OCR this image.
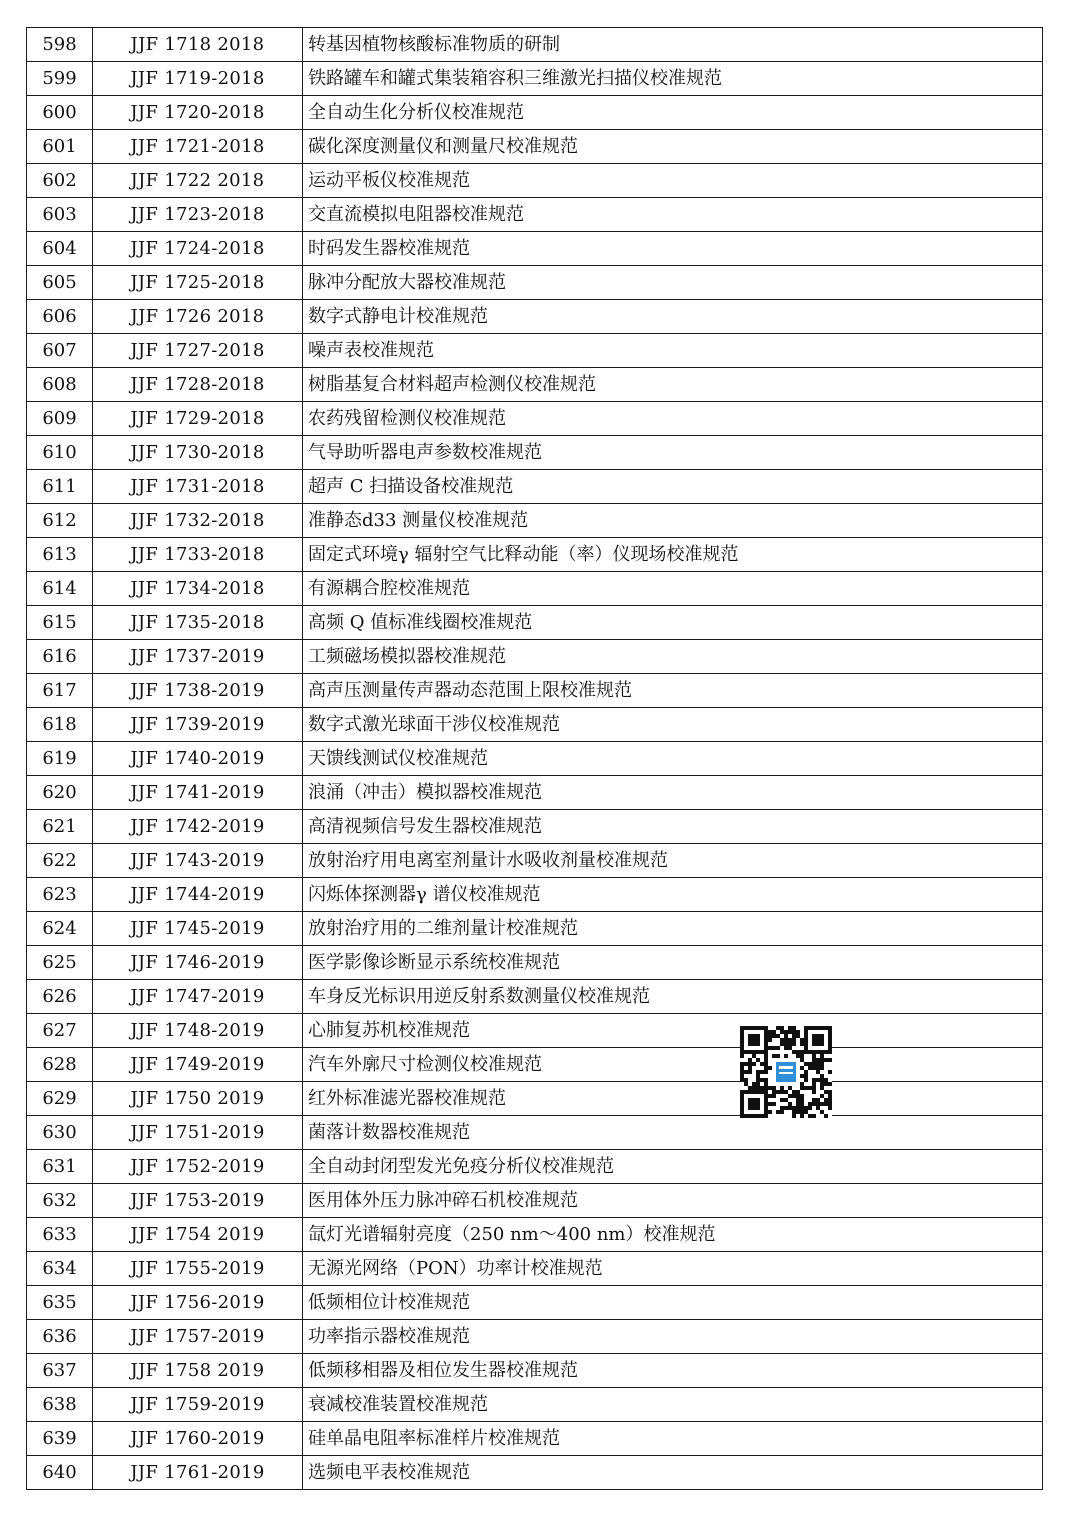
598	JJF 1718 2018	转基因植物核酸标准物质的研制
599	JJF 1719-2018	铁路罐车和罐式集装箱容积三维激光扫描仪校准规范
600	JJF 1720-2018	全自动生化分析仪校准规范
601	JJF 1721-2018	碳化深度测量仪和测量尺校准规范
602	JJF 1722 2018	运动平板仪校准规范
603	JJF 1723-2018	交直流模拟电阻器校准规范
604	JJF 1724-2018	时码发生器校准规范
605	JJF 1725-2018	脉冲分配放大器校准规范
606	JJF 1726 2018	数字式静电计校准规范
607	JJF 1727-2018	噪声表校准规范
608	JJF 1728-2018	树脂基复合材料超声检测仪校准规范
609	JJF 1729-2018	农药残留检测仪校准规范
610	JJF 1730-2018	气导助听器电声参数校准规范
611	JJF 1731-2018	超声 C 扫描设备校准规范
612	JJF 1732-2018	准静态d33 测量仪校准规范
613	JJF 1733-2018	固定式环境γ 辐射空气比释动能（率）仪现场校准规范
614	JJF 1734-2018	有源耦合腔校准规范
615	JJF 1735-2018	高频 Q 值标准线圈校准规范
616	JJF 1737-2019	工频磁场模拟器校准规范
617	JJF 1738-2019	高声压测量传声器动态范围上限校准规范
618	JJF 1739-2019	数字式激光球面干涉仪校准规范
619	JJF 1740-2019	天馈线测试仪校准规范
620	JJF 1741-2019	浪涌（冲击）模拟器校准规范
621	JJF 1742-2019	高清视频信号发生器校准规范
622	JJF 1743-2019	放射治疗用电离室剂量计水吸收剂量校准规范
623	JJF 1744-2019	闪烁体探测器γ 谱仪校准规范
624	JJF 1745-2019	放射治疗用的二维剂量计校准规范
625	JJF 1746-2019	医学影像诊断显示系统校准规范
626	JJF 1747-2019	车身反光标识用逆反射系数测量仪校准规范
627	JJF 1748-2019	心肺复苏机校准规范
628	JJF 1749-2019	汽车外廓尺寸检测仪校准规范
629	JJF 1750 2019	红外标准滤光器校准规范
630	JJF 1751-2019	菌落计数器校准规范
631	JJF 1752-2019	全自动封闭型发光免疫分析仪校准规范
632	JJF 1753-2019	医用体外压力脉冲碎石机校准规范
633	JJF 1754 2019	氙灯光谱辐射亮度（250 nm～400 nm）校准规范
634	JJF 1755-2019	无源光网络（PON）功率计校准规范
635	JJF 1756-2019	低频相位计校准规范
636	JJF 1757-2019	功率指示器校准规范
637	JJF 1758 2019	低频移相器及相位发生器校准规范
638	JJF 1759-2019	衰减校准装置校准规范
639	JJF 1760-2019	硅单晶电阻率标准样片校准规范
640	JJF 1761-2019	选频电平表校准规范
